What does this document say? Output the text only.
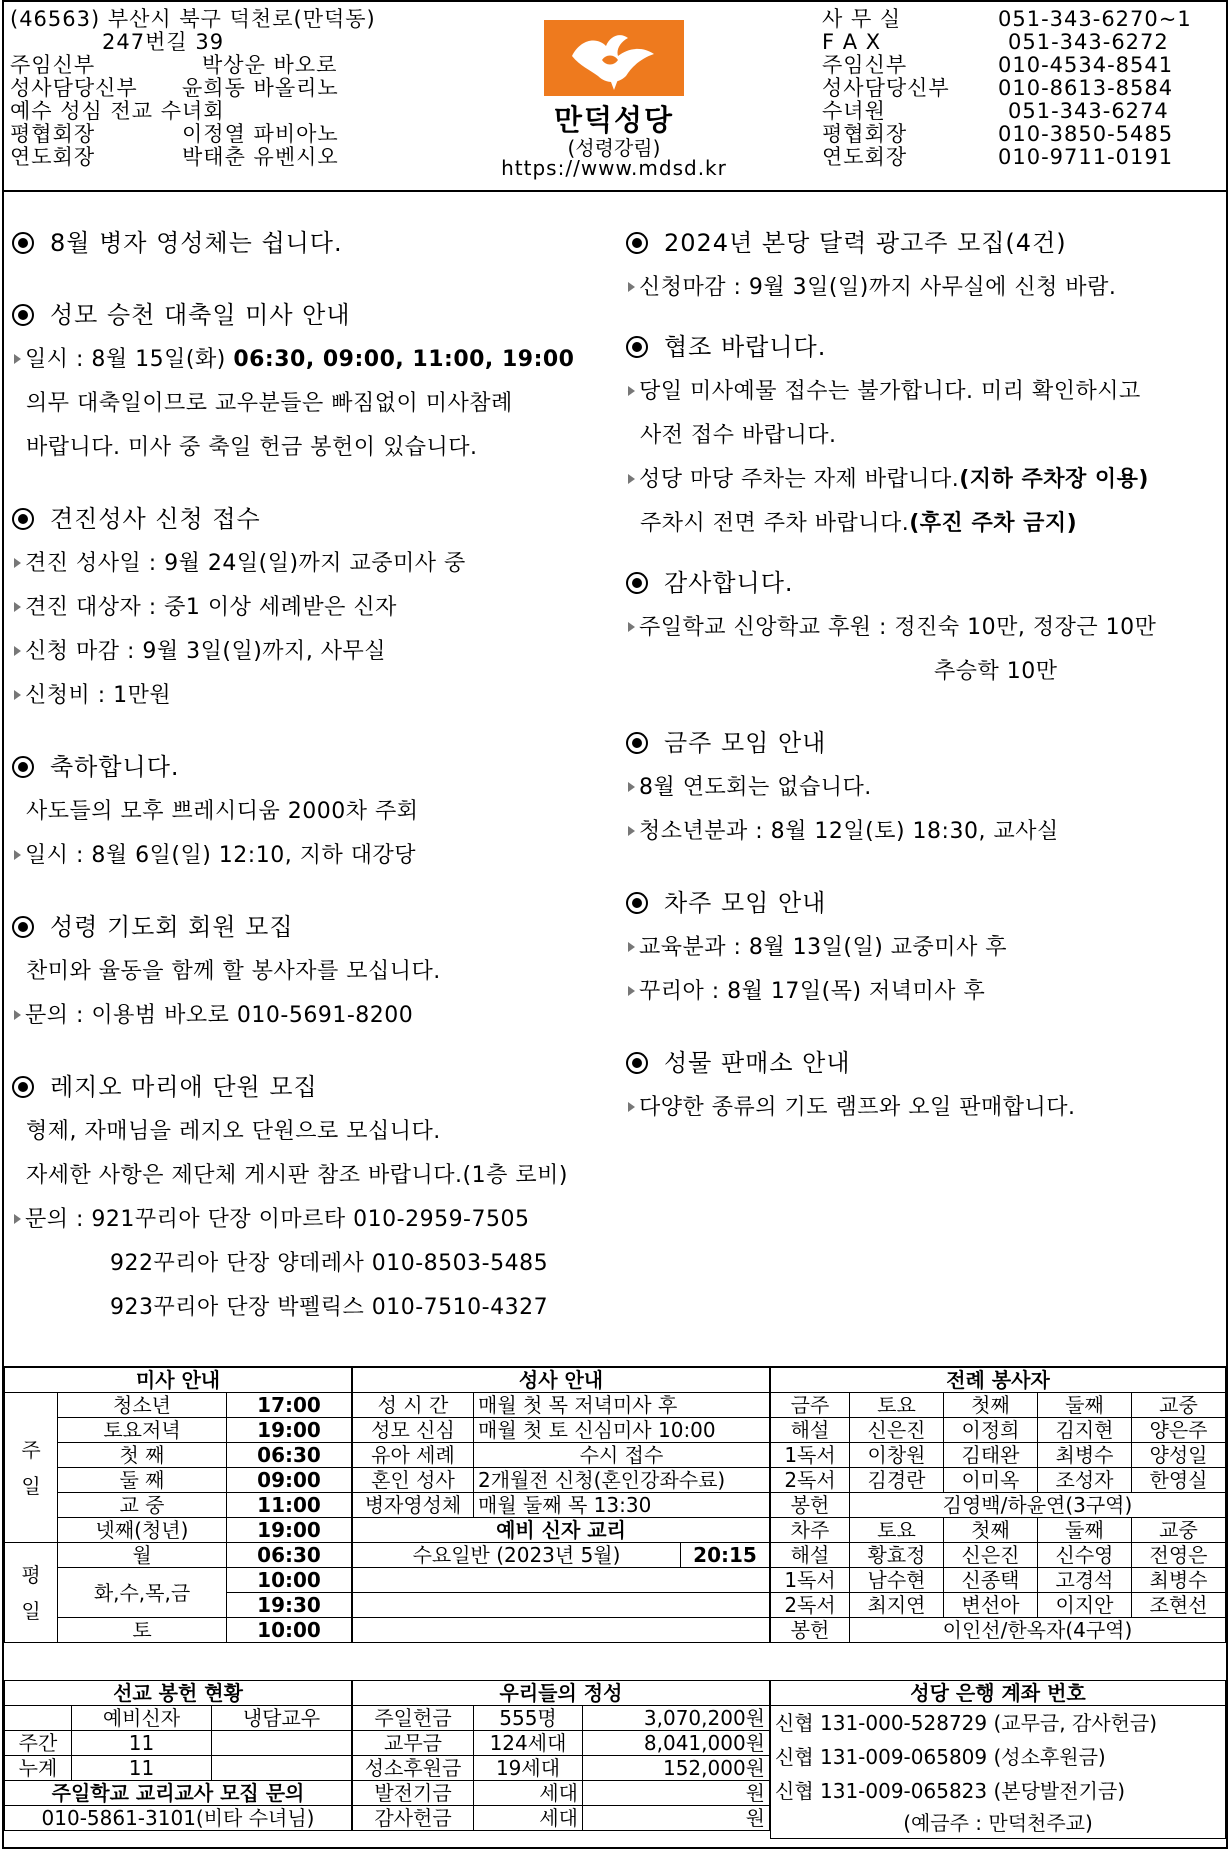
(46563) 부산시 북구 덕천로(만덕동)
247번길 39
주임신부	박상운 바오로
성사담당신부 윤희동 바올리노
예수 성심 전교 수녀회
평협회장	이정열 파비아노
연도회장	박태춘 유벤시오
만덕성당
(성령강림)
https://www.mdsd.kr
사 무 실	051-343-6270~1
F A X	051-343-6272
주임신부	010-4534-8541
성사담당신부 010-8613-8584
수녀원	051-343-6274
평협회장	010-3850-5485
연도회장	010-9711-0191
8월 병자 영성체는 쉽니다.
성모 승천 대축일 미사 안내
일시 : 8월 15일(화) 06:30, 09:00, 11:00, 19:00
의무 대축일이므로 교우분들은 빠짐없이 미사참례
바랍니다. 미사 중 축일 헌금 봉헌이 있습니다.
견진성사 신청 접수
견진 성사일 : 9월 24일(일)까지 교중미사 중
견진 대상자 : 중1 이상 세례받은 신자
신청 마감 : 9월 3일(일)까지, 사무실
신청비 : 1만원
축하합니다.
사도들의 모후 쁘레시디움 2000차 주회
일시 : 8월 6일(일) 12:10, 지하 대강당
성령 기도회 회원 모집
찬미와 율동을 함께 할 봉사자를 모십니다.
문의 : 이용범 바오로 010-5691-8200
레지오 마리애 단원 모집
형제, 자매님을 레지오 단원으로 모십니다.
자세한 사항은 제단체 게시판 참조 바랍니다.(1층 로비)
문의 : 921꾸리아 단장 이마르타 010-2959-7505
922꾸리아 단장 양데레사 010-8503-5485
923꾸리아 단장 박펠릭스 010-7510-4327
2024년 본당 달력 광고주 모집(4건)
신청마감 : 9월 3일(일)까지 사무실에 신청 바람.
협조 바랍니다.
당일 미사예물 접수는 불가합니다. 미리 확인하시고
사전 접수 바랍니다.
성당 마당 주차는 자제 바랍니다.(지하 주차장 이용)
주차시 전면 주차 바랍니다.(후진 주차 금지)
감사합니다.
주일학교 신앙학교 후원 : 정진숙 10만, 정장근 10만
추승학 10만
금주 모임 안내
8월 연도회는 없습니다.
청소년분과 : 8월 12일(토) 18:30, 교사실
차주 모임 안내
교육분과 : 8월 13일(일) 교중미사 후
꾸리아 : 8월 17일(목) 저녁미사 후
성물 판매소 안내
다양한 종류의 기도 램프와 오일 판매합니다.
미사 안내		
주
일	청소년	17:00
	토요저녁	19:00
	첫 째	06:30
	둘 째	09:00
	교 중	11:00
	넷째(청년)	19:00
평
일	월	06:30
	화,수,목,금	10:00
		19:30
	토	10:00
성사 안내		
성 시 간	매월 첫 목 저녁미사 후	
성모 신심	매월 첫 토 신심미사 10:00	
유아 세례	수시 접수	
혼인 성사	2개월전 신청(혼인강좌수료)	
병자영성체	매월 둘째 목 13:30	
예비 신자 교리		
수요일반 (2023년 5월)		20:15

전례 봉사자				
금주	토요	첫째	둘째	교중
해설	신은진	이정희	김지현	양은주
1독서	이창원	김태완	최병수	양성일
2독서	김경란	이미옥	조성자	한영실
봉헌	김영백/하윤연(3구역)			
차주	토요	첫째	둘째	교중
해설	황효정	신은진	신수영	전영은
1독서	남수현	신종택	고경석	최병수
2독서	최지연	변선아	이지안	조현선
봉헌	이인선/한옥자(4구역)			
선교 봉헌 현황		
	예비신자	냉담교우
주간	11	
누계	11	
주일학교 교리교사 모집 문의		
010-5861-3101(비타 수녀님)		
우리들의 정성		
주일헌금	555명	3,070,200원
교무금	124세대	8,041,000원
성소후원금	19세대	152,000원
발전기금	세대	원
감사헌금	세대	원
성당 은행 계좌 번호
신협 131-000-528729 (교무금, 감사헌금)
신협 131-009-065809 (성소후원금)
신협 131-009-065823 (본당발전기금)
(예금주 : 만덕천주교)
